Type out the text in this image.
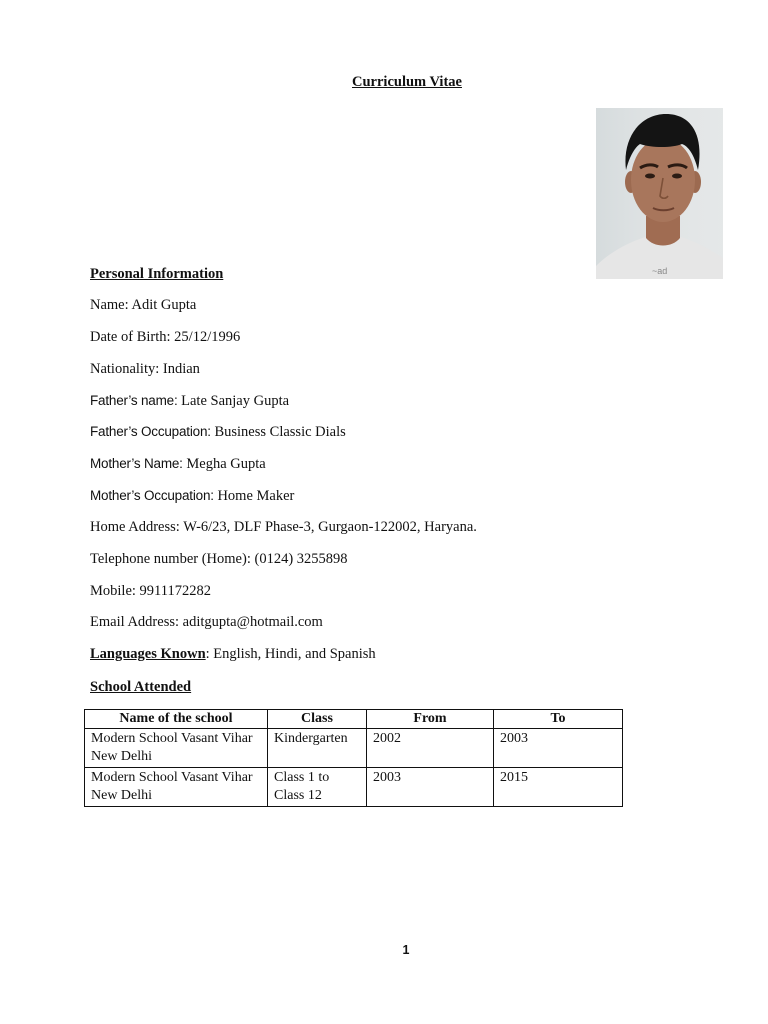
Curriculum Vitae
~ad
Personal Information
Name: Adit Gupta
Date of Birth: 25/12/1996
Nationality: Indian
Father’s name: Late Sanjay Gupta
Father’s Occupation: Business Classic Dials
Mother’s Name: Megha Gupta
Mother’s Occupation: Home Maker
Home Address: W-6/23, DLF Phase-3, Gurgaon-122002, Haryana.
Telephone number (Home): (0124) 3255898
Mobile: 9911172282
Email Address: aditgupta@hotmail.com
Languages Known: English, Hindi, and Spanish
School Attended
Name of the school	Class	From	To
Modern School Vasant Vihar New Delhi	Kindergarten	2002	2003
Modern School Vasant Vihar New Delhi	Class 1 to Class 12	2003	2015
1
